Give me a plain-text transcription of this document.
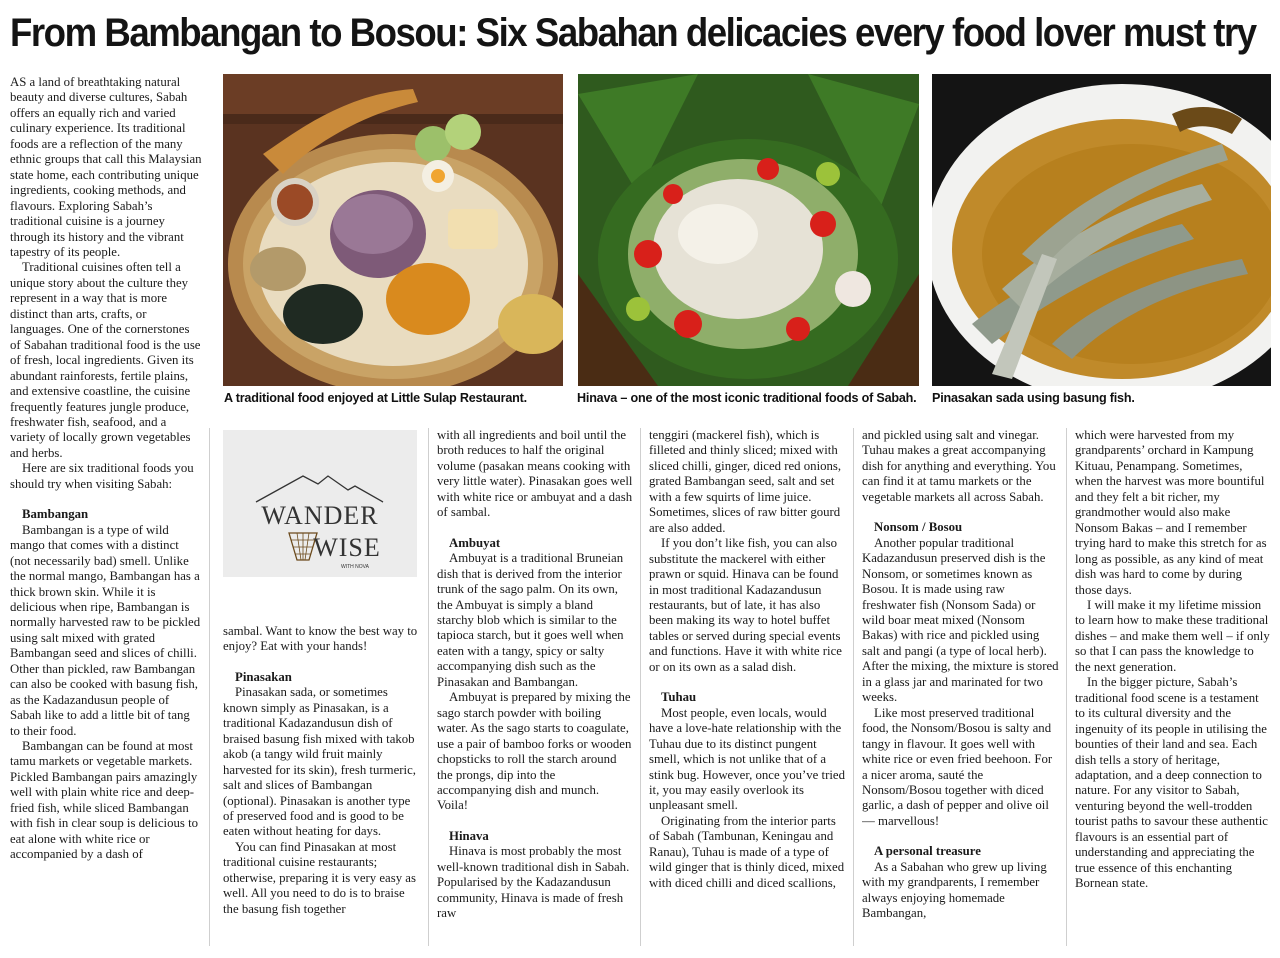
From Bambangan to Bosou: Six Sabahan delicacies every food lover must try
A traditional food enjoyed at Little Sulap Restaurant.	Hinava – one of the most iconic traditional foods of Sabah. Pinasakan sada using basung fish.
WANDER
WISE
WITH NOVA

AS a land of breathtaking natural beauty and diverse cultures, Sabah offers an equally rich and varied culinary experience. Its traditional foods are a reflection of the many ethnic groups that call this Malaysian state home, each contributing unique ingredients, cooking methods, and flavours. Exploring Sabah’s traditional cuisine is a journey through its history and the vibrant tapestry of its people.

Traditional cuisines often tell a unique story about the culture they represent in a way that is more distinct than arts, crafts, or languages. One of the cornerstones of Sabahan traditional food is the use of fresh, local ingredients. Given its abundant rainforests, fertile plains, and extensive coastline, the cuisine frequently features jungle produce, freshwater fish, seafood, and a variety of locally grown vegetables and herbs.

Here are six traditional foods you should try when visiting Sabah:

Bambangan

Bambangan is a type of wild mango that comes with a distinct (not necessarily bad) smell. Unlike the normal mango, Bambangan has a thick brown skin. While it is delicious when ripe, Bambangan is normally harvested raw to be pickled using salt mixed with grated Bambangan seed and slices of chilli. Other than pickled, raw Bambangan can also be cooked with basung fish, as the Kadazandusun people of Sabah like to add a little bit of tang to their food.

Bambangan can be found at most tamu markets or vegetable markets. Pickled Bambangan pairs amazingly well with plain white rice and deep-fried fish, while sliced Bambangan with fish in clear soup is delicious to eat alone with white rice or accompanied by a dash of

sambal. Want to know the best way to enjoy? Eat with your hands!

Pinasakan

Pinasakan sada, or sometimes known simply as Pinasakan, is a traditional Kadazandusun dish of braised basung fish mixed with takob akob (a tangy wild fruit mainly harvested for its skin), fresh turmeric, salt and slices of Bambangan (optional). Pinasakan is another type of preserved food and is good to be eaten without heating for days.

You can find Pinasakan at most traditional cuisine restaurants; otherwise, preparing it is very easy as well. All you need to do is to braise the basung fish together

with all ingredients and boil until the broth reduces to half the original volume (pasakan means cooking with very little water). Pinasakan goes well with white rice or ambuyat and a dash of sambal.

Ambuyat

Ambuyat is a traditional Bruneian dish that is derived from the interior trunk of the sago palm. On its own, the Ambuyat is simply a bland starchy blob which is similar to the tapioca starch, but it goes well when eaten with a tangy, spicy or salty accompanying dish such as the Pinasakan and Bambangan.

Ambuyat is prepared by mixing the sago starch powder with boiling water. As the sago starts to coagulate, use a pair of bamboo forks or wooden chopsticks to roll the starch around the prongs, dip into the accompanying dish and munch. Voila!

Hinava

Hinava is most probably the most well-known traditional dish in Sabah. Popularised by the Kadazandusun community, Hinava is made of fresh raw

tenggiri (mackerel fish), which is filleted and thinly sliced; mixed with sliced chilli, ginger, diced red onions, grated Bambangan seed, salt and set with a few squirts of lime juice. Sometimes, slices of raw bitter gourd are also added.

If you don’t like fish, you can also substitute the mackerel with either prawn or squid. Hinava can be found in most traditional Kadazandusun restaurants, but of late, it has also been making its way to hotel buffet tables or served during special events and functions. Have it with white rice or on its own as a salad dish.

Tuhau

Most people, even locals, would have a love-hate relationship with the Tuhau due to its distinct pungent smell, which is not unlike that of a stink bug. However, once you’ve tried it, you may easily overlook its unpleasant smell.

Originating from the interior parts of Sabah (Tambunan, Keningau and Ranau), Tuhau is made of a type of wild ginger that is thinly diced, mixed with diced chilli and diced scallions,

and pickled using salt and vinegar. Tuhau makes a great accompanying dish for anything and everything. You can find it at tamu markets or the vegetable markets all across Sabah.

Nonsom / Bosou

Another popular traditional Kadazandusun preserved dish is the Nonsom, or sometimes known as Bosou. It is made using raw freshwater fish (Nonsom Sada) or wild boar meat mixed (Nonsom Bakas) with rice and pickled using salt and pangi (a type of local herb). After the mixing, the mixture is stored in a glass jar and marinated for two weeks.

Like most preserved traditional food, the Nonsom/Bosou is salty and tangy in flavour. It goes well with white rice or even fried beehoon. For a nicer aroma, sauté the Nonsom/Bosou together with diced garlic, a dash of pepper and olive oil — marvellous!

A personal treasure

As a Sabahan who grew up living with my grandparents, I remember always enjoying homemade Bambangan,

which were harvested from my grandparents’ orchard in Kampung Kituau, Penampang. Sometimes, when the harvest was more bountiful and they felt a bit richer, my grandmother would also make Nonsom Bakas – and I remember trying hard to make this stretch for as long as possible, as any kind of meat dish was hard to come by during those days.

I will make it my lifetime mission to learn how to make these traditional dishes – and make them well – if only so that I can pass the knowledge to the next generation.

In the bigger picture, Sabah’s traditional food scene is a testament to its cultural diversity and the ingenuity of its people in utilising the bounties of their land and sea. Each dish tells a story of heritage, adaptation, and a deep connection to nature. For any visitor to Sabah, venturing beyond the well-trodden tourist paths to savour these authentic flavours is an essential part of understanding and appreciating the true essence of this enchanting Bornean state.
